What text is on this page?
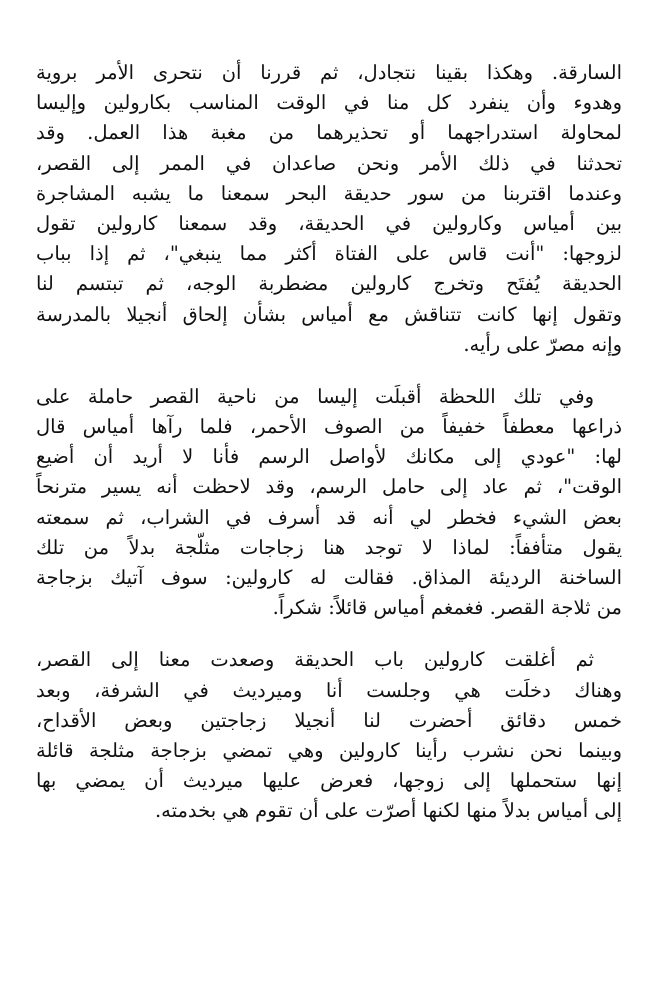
السارقة. وهكذا بقينا نتجادل، ثم قررنا أن نتحرى الأمر بروية
وهدوء وأن ينفرد كل منا في الوقت المناسب بكارولين وإليسا
لمحاولة استدراجهما أو تحذيرهما من مغبة هذا العمل. وقد
تحدثنا في ذلك الأمر ونحن صاعدان في الممر إلى القصر،
وعندما اقتربنا من سور حديقة البحر سمعنا ما يشبه المشاجرة
بين أمياس وكارولين في الحديقة، وقد سمعنا كارولين تقول
لزوجها: "أنت قاس على الفتاة أكثر مما ينبغي"، ثم إذا بباب
الحديقة يُفتَح وتخرج كارولين مضطربة الوجه، ثم تبتسم لنا
وتقول إنها كانت تتناقش مع أمياس بشأن إلحاق أنجيلا بالمدرسة
وإنه مصرّ على رأيه.

وفي تلك اللحظة أقبلَت إليسا من ناحية القصر حاملة على
ذراعها معطفاً خفيفاً من الصوف الأحمر، فلما رآها أمياس قال
لها: "عودي إلى مكانك لأواصل الرسم فأنا لا أريد أن أضيع
الوقت"، ثم عاد إلى حامل الرسم، وقد لاحظت أنه يسير مترنحاً
بعض الشيء فخطر لي أنه قد أسرف في الشراب، ثم سمعته
يقول متأففاً: لماذا لا توجد هنا زجاجات مثلّجة بدلاً من تلك
الساخنة الرديئة المذاق. فقالت له كارولين: سوف آتيك بزجاجة
من ثلاجة القصر. فغمغم أمياس قائلاً: شكراً.

ثم أغلقت كارولين باب الحديقة وصعدت معنا إلى القصر،
وهناك دخلَت هي وجلست أنا وميرديث في الشرفة، وبعد
خمس دقائق أحضرت لنا أنجيلا زجاجتين وبعض الأقداح،
وبينما نحن نشرب رأينا كارولين وهي تمضي بزجاجة مثلجة قائلة
إنها ستحملها إلى زوجها، فعرض عليها ميرديث أن يمضي بها
إلى أمياس بدلاً منها لكنها أصرّت على أن تقوم هي بخدمته.
